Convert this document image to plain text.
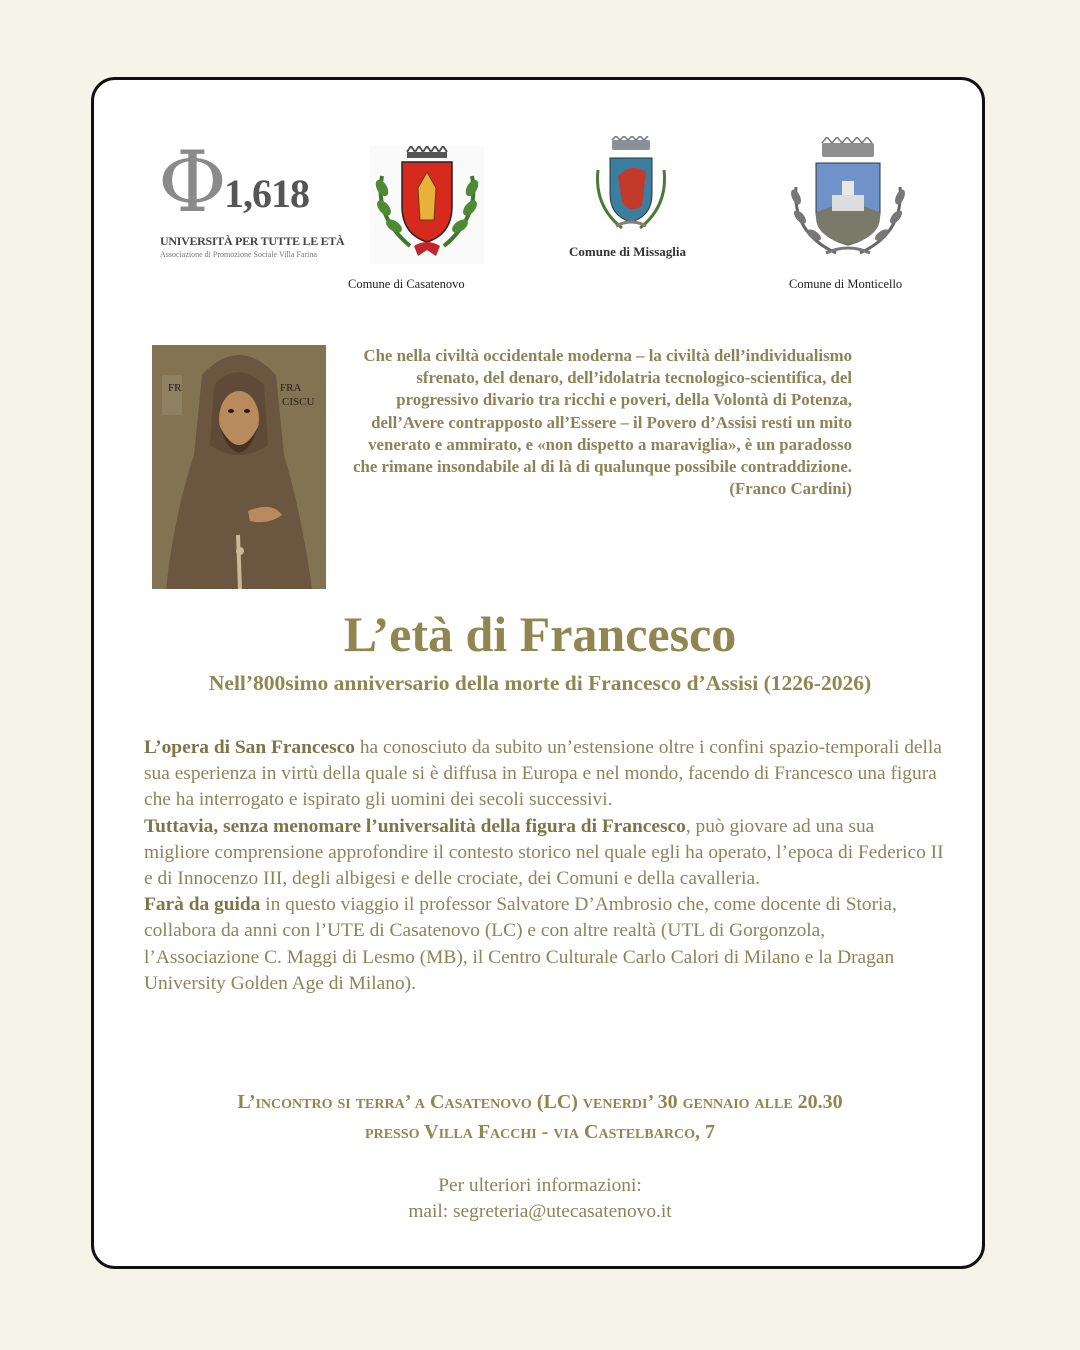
Φ
1,618
UNIVERSITÀ PER TUTTE LE ETÀ
Associazione di Promozione Sociale Villa Farina
Comune di Casatenovo
Comune di Missaglia
Comune di Monticello
FR	FRA
CISCU

Che nella civiltà occidentale moderna – la civiltà dell’individualismo sfrenato, del denaro, dell’idolatria tecnologico-scientifica, del progressivo divario tra ricchi e poveri, della Volontà di Potenza, dell’Avere contrapposto all’Essere – il Povero d’Assisi resti un mito venerato e ammirato, e «non dispetto a maraviglia», è un paradosso che rimane insondabile al di là di qualunque possibile contraddizione.

(Franco Cardini)

L’età di Francesco
Nell’800simo anniversario della morte di Francesco d’Assisi (1226-2026)

L’opera di San Francesco ha conosciuto da subito un’estensione oltre i confini spazio-temporali della sua esperienza in virtù della quale si è diffusa in Europa e nel mondo, facendo di Francesco una figura che ha interrogato e ispirato gli uomini dei secoli successivi.

Tuttavia, senza menomare l’universalità della figura di Francesco, può giovare ad una sua migliore comprensione approfondire il contesto storico nel quale egli ha operato, l’epoca di Federico II e di Innocenzo III, degli albigesi e delle crociate, dei Comuni e della cavalleria.

Farà da guida in questo viaggio il professor Salvatore D’Ambrosio che, come docente di Storia, collabora da anni con l’UTE di Casatenovo (LC) e con altre realtà (UTL di Gorgonzola, l’Associazione C. Maggi di Lesmo (MB), il Centro Culturale Carlo Calori di Milano e la Dragan University Golden Age di Milano).

L’incontro si terra’ a Casatenovo (LC) venerdi’ 30 gennaio alle 20.30
presso Villa Facchi - via Castelbarco, 7
Per ulteriori informazioni:
mail: segreteria@utecasatenovo.it
